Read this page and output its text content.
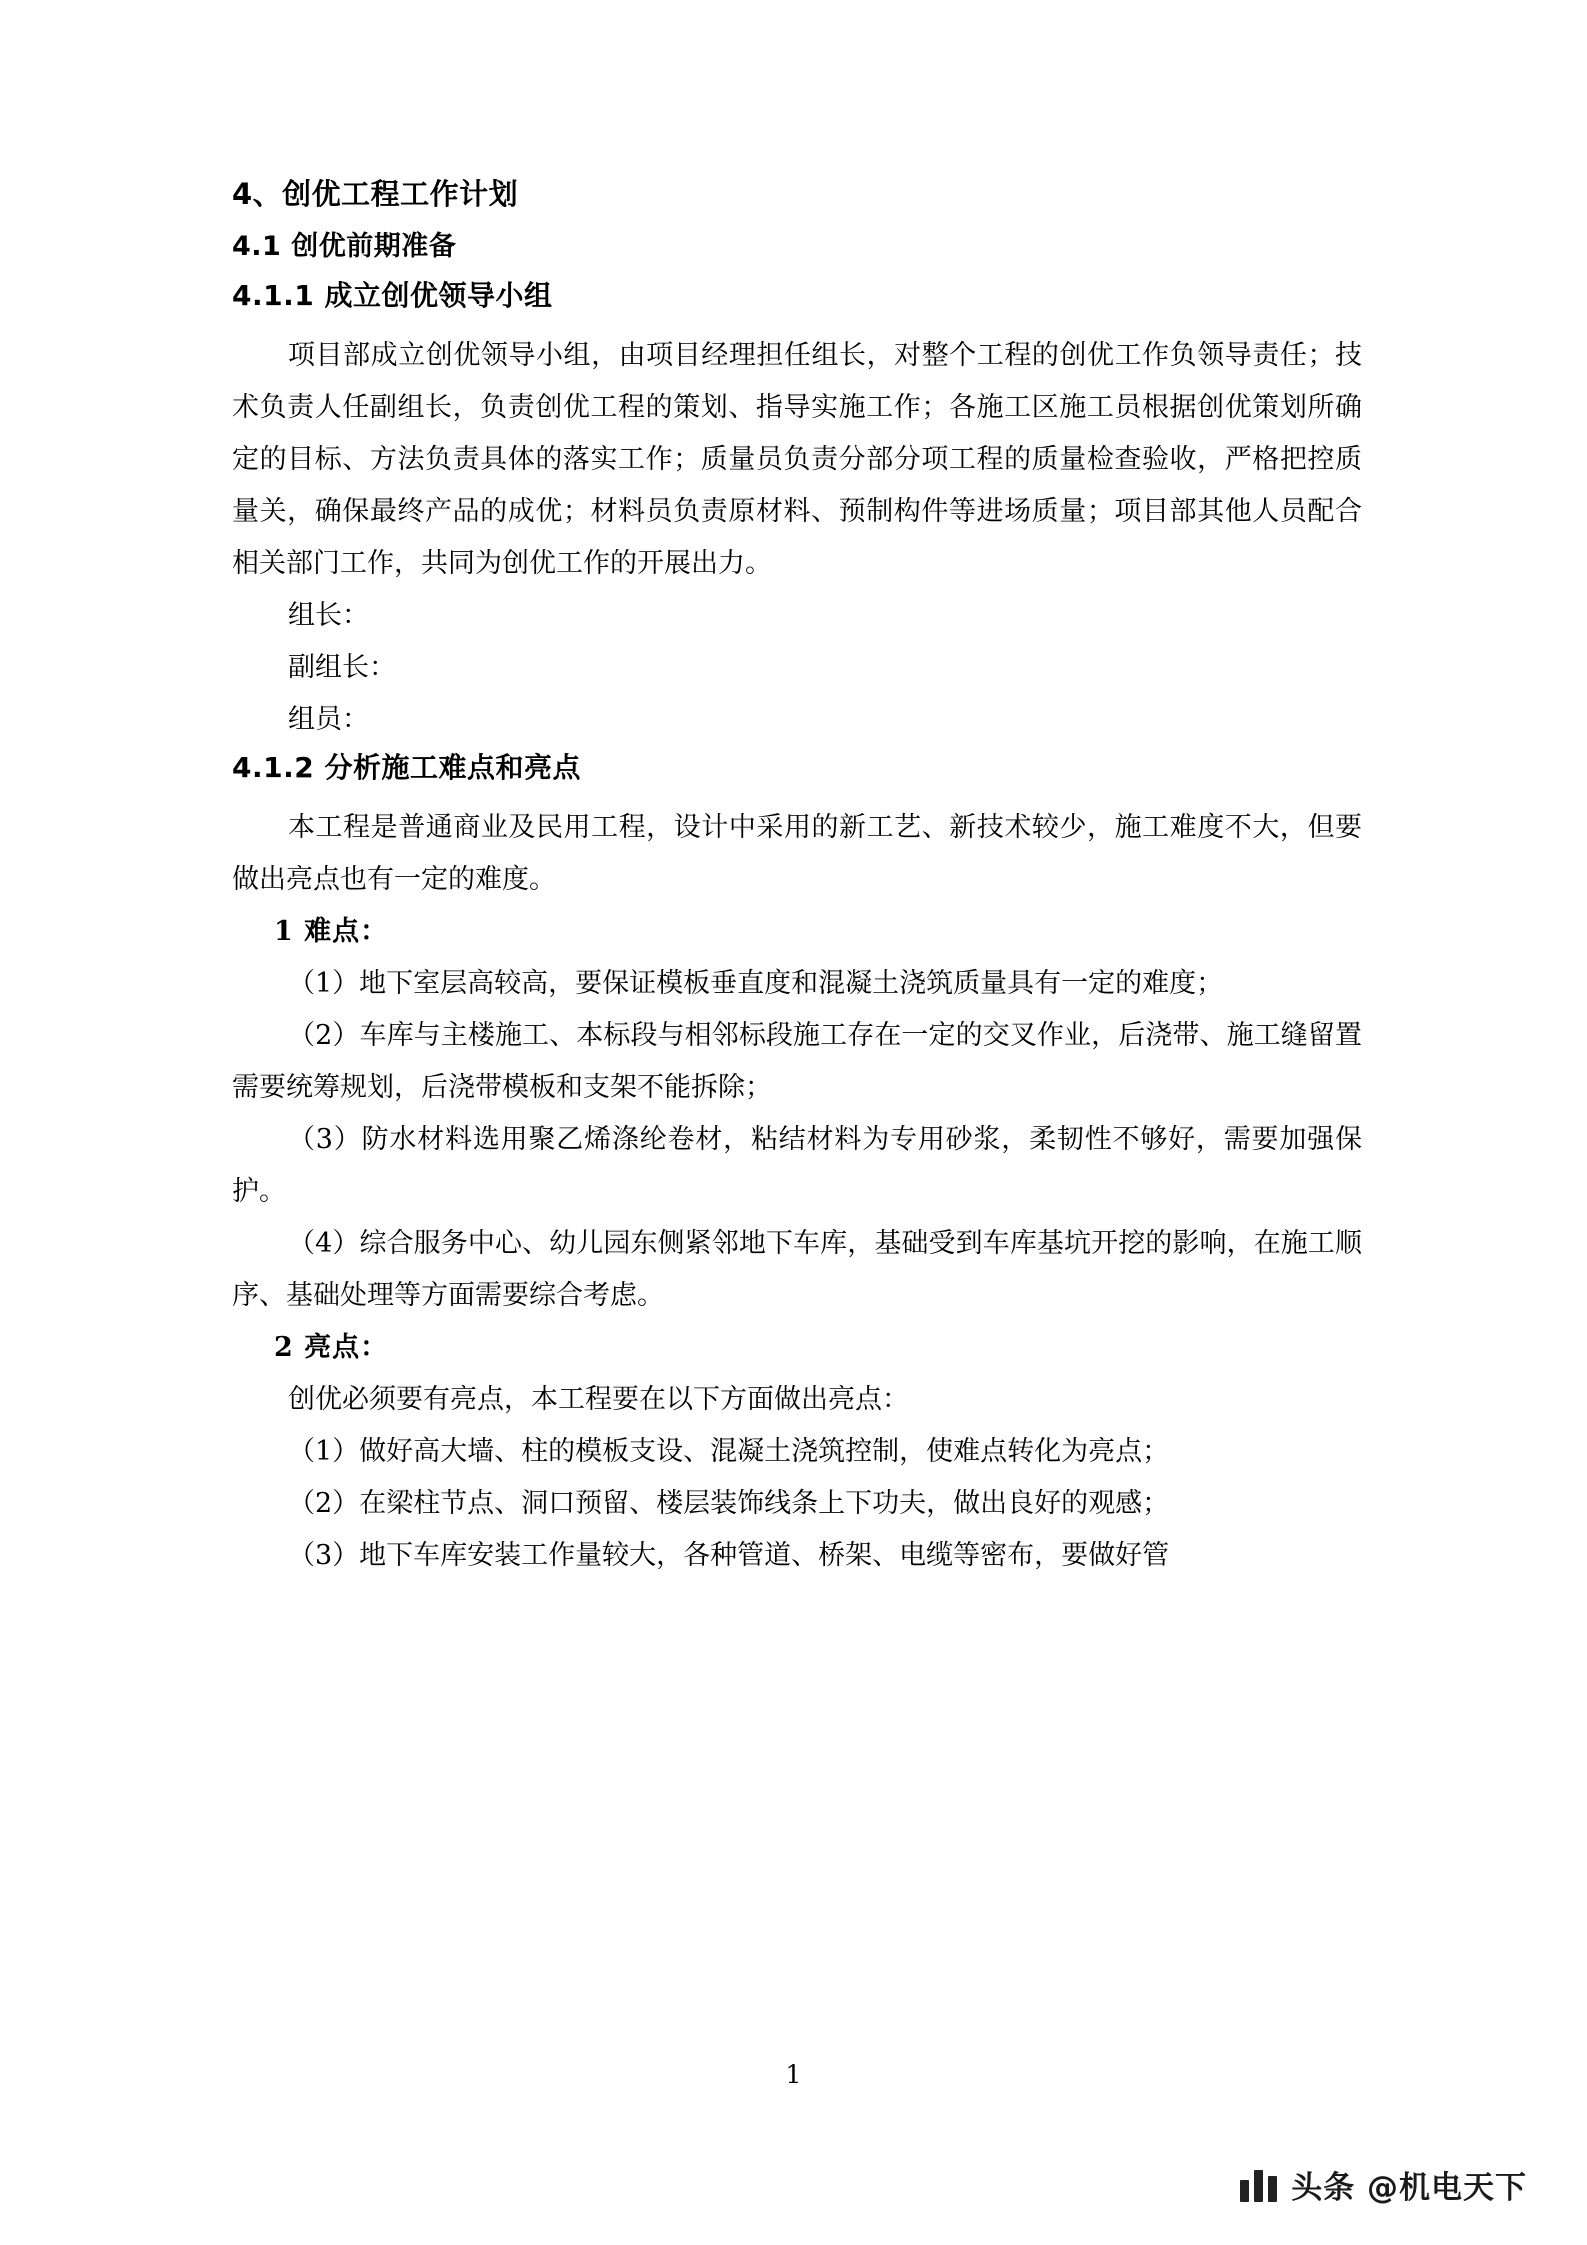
4、创优工程工作计划
4.1 创优前期准备
4.1.1 成立创优领导小组

项目部成立创优领导小组，由项目经理担任组长，对整个工程的创优工作负领导责任；技术负责人任副组长，负责创优工程的策划、指导实施工作；各施工区施工员根据创优策划所确定的目标、方法负责具体的落实工作；质量员负责分部分项工程的质量检查验收，严格把控质量关，确保最终产品的成优；材料员负责原材料、预制构件等进场质量；项目部其他人员配合相关部门工作，共同为创优工作的开展出力。

组长：

副组长：

组员：

4.1.2 分析施工难点和亮点

本工程是普通商业及民用工程，设计中采用的新工艺、新技术较少，施工难度不大，但要做出亮点也有一定的难度。

1 难点：

（1）地下室层高较高，要保证模板垂直度和混凝土浇筑质量具有一定的难度；

（2）车库与主楼施工、本标段与相邻标段施工存在一定的交叉作业，后浇带、施工缝留置需要统筹规划，后浇带模板和支架不能拆除；

（3）防水材料选用聚乙烯涤纶卷材，粘结材料为专用砂浆，柔韧性不够好，需要加强保护。

（4）综合服务中心、幼儿园东侧紧邻地下车库，基础受到车库基坑开挖的影响，在施工顺序、基础处理等方面需要综合考虑。

2 亮点：

创优必须要有亮点，本工程要在以下方面做出亮点：

（1）做好高大墙、柱的模板支设、混凝土浇筑控制，使难点转化为亮点；

（2）在梁柱节点、洞口预留、楼层装饰线条上下功夫，做出良好的观感；

（3）地下车库安装工作量较大，各种管道、桥架、电缆等密布，要做好管

1
头条 @机电天下
